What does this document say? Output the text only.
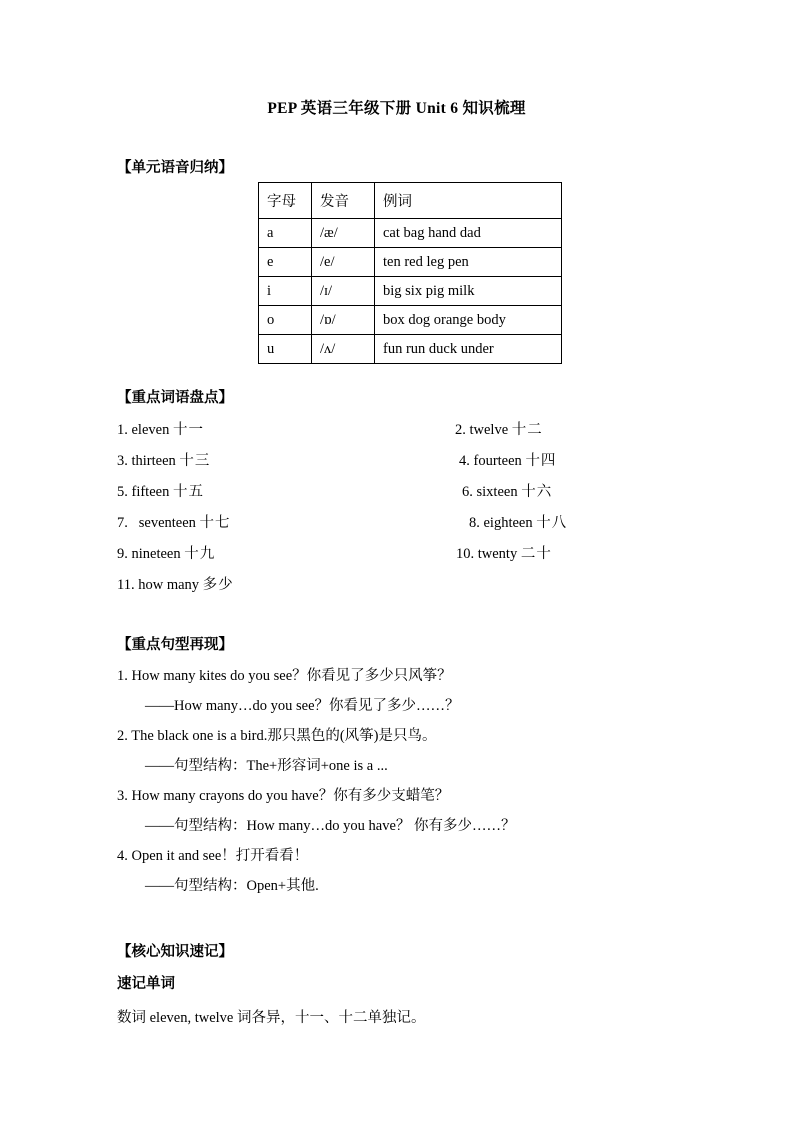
PEP 英语三年级下册 Unit 6 知识梳理
【单元语音归纳】
字母	发音	例词
a	/æ/	cat bag hand dad
e	/e/	ten red leg pen
i	/ɪ/	big six pig milk
o	/ɒ/	box dog orange body
u	/ʌ/	fun run duck under
【重点词语盘点】
1. eleven 十一	2. twelve 十二
3. thirteen 十三	4. fourteen 十四
5. fifteen 十五	6. sixteen 十六
7. seventeen 十七	8. eighteen 十八
9. nineteen 十九	10. twenty 二十
11. how many 多少
【重点句型再现】
1. How many kites do you see？你看见了多少只风筝？
——How many…do you see？你看见了多少……？
2. The black one is a bird.那只黑色的(风筝)是只鸟。
——句型结构：The+形容词+one is a ...
3. How many crayons do you have？你有多少支蜡笔？
——句型结构：How many…do you have？ 你有多少……？
4. Open it and see！打开看看！
——句型结构：Open+其他.
【核心知识速记】
速记单词
数词 eleven, twelve 词各异，十一、十二单独记。
